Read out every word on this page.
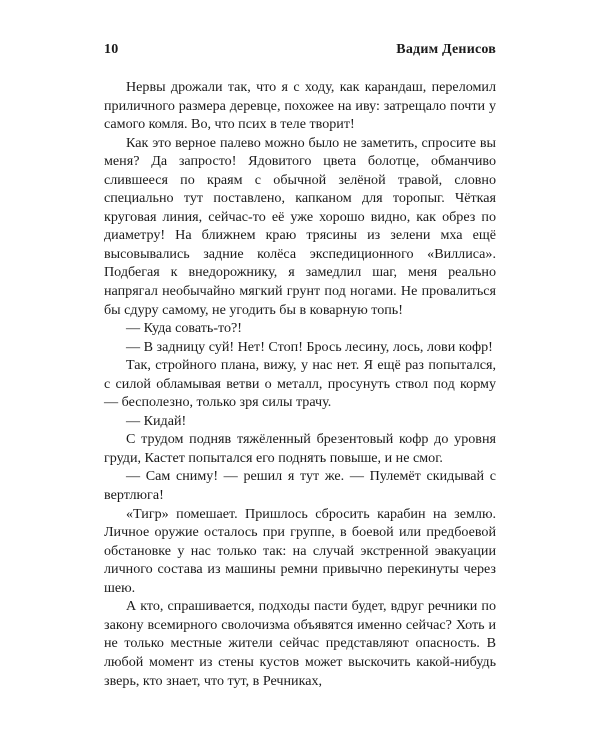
10	Вадим Денисов

Нервы дрожали так, что я с ходу, как карандаш, переломил приличного размера деревце, похожее на иву: затрещало почти у самого комля. Во, что псих в теле творит!

Как это верное палево можно было не заметить, спросите вы меня? Да запросто! Ядовитого цвета болотце, обманчиво слившееся по краям с обычной зелёной травой, словно специально тут поставлено, капканом для торопыг. Чёткая круговая линия, сейчас-то её уже хорошо видно, как обрез по диаметру! На ближнем краю трясины из зелени мха ещё высовывались задние колёса экспедиционного «Виллиса». Подбегая к внедорожнику, я замедлил шаг, меня реально напрягал необычайно мягкий грунт под ногами. Не провалиться бы сдуру самому, не угодить бы в коварную топь!

— Куда совать-то?!

— В задницу суй! Нет! Стоп! Брось лесину, лось, лови кофр!

Так, стройного плана, вижу, у нас нет. Я ещё раз попытался, с силой обламывая ветви о металл, просунуть ствол под корму — бесполезно, только зря силы трачу.

— Кидай!

С трудом подняв тяжёленный брезентовый кофр до уровня груди, Кастет попытался его поднять повыше, и не смог.

— Сам сниму! — решил я тут же. — Пулемёт скидывай с вертлюга!

«Тигр» помешает. Пришлось сбросить карабин на землю. Личное оружие осталось при группе, в боевой или предбоевой обстановке у нас только так: на случай экстренной эвакуации личного состава из машины ремни привычно перекинуты через шею.

А кто, спрашивается, подходы пасти будет, вдруг речники по закону всемирного сволочизма объявятся именно сейчас? Хоть и не только местные жители сейчас представляют опасность. В любой момент из стены кустов может выскочить какой-нибудь зверь, кто знает, что тут, в Речниках,
